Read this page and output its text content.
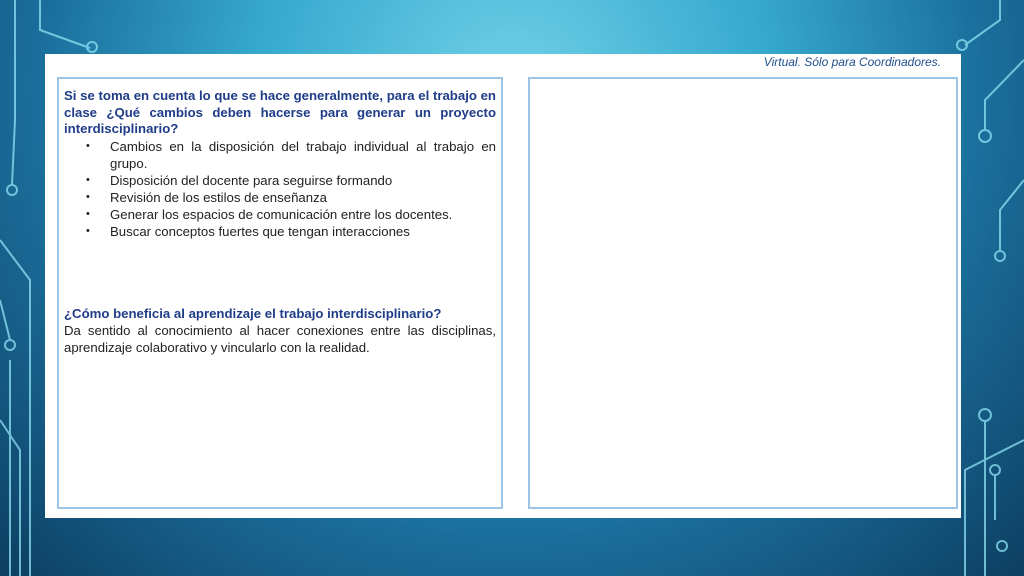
Virtual. Sólo para Coordinadores.

Si se toma en cuenta lo que se hace generalmente, para el trabajo en clase ¿Qué cambios deben hacerse para generar un proyecto interdisciplinario?

• Cambios en la disposición del trabajo individual al trabajo en grupo.
• Disposición del docente para seguirse formando
• Revisión de los estilos de enseñanza
• Generar los espacios de comunicación entre los docentes.
• Buscar conceptos fuertes que tengan interacciones

¿Cómo beneficia al aprendizaje el trabajo interdisciplinario?

Da sentido al conocimiento al hacer conexiones entre las disciplinas, aprendizaje colaborativo y vincularlo con la realidad.
